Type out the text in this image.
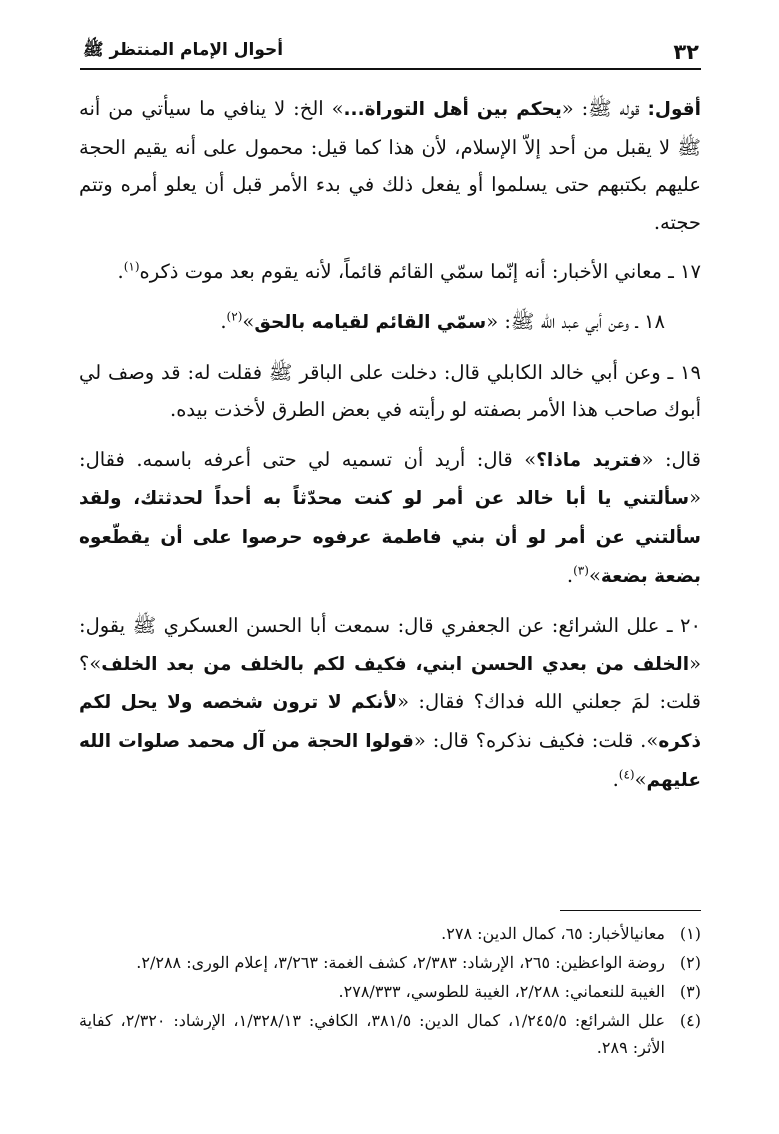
٣٢
أحوال الإمام المنتظر ﷺ

أقول: قوله ﷺ: «يحكم بين أهل التوراة...» الخ: لا ينافي ما سيأتي من أنه ﷺ لا يقبل من أحد إلاّ الإسلام، لأن هذا كما قيل: محمول على أنه يقيم الحجة عليهم بكتبهم حتى يسلموا أو يفعل ذلك في بدء الأمر قبل أن يعلو أمره وتتم حجته.

١٧ ـ معاني الأخبار: أنه إنّما سمّي القائم قائماً، لأنه يقوم بعد موت ذكره$^{(١)}$.

١٨ ـ وعن أبي عبد الله ﷺ: «سمّي القائم لقيامه بالحق»$^{(٢)}$.

١٩ ـ وعن أبي خالد الكابلي قال: دخلت على الباقر ﷺ فقلت له: قد وصف لي أبوك صاحب هذا الأمر بصفته لو رأيته في بعض الطرق لأخذت بيده.

قال: «فتريد ماذا؟» قال: أريد أن تسميه لي حتى أعرفه باسمه. فقال: «سألتني يا أبا خالد عن أمر لو كنت محدّثاً به أحداً لحدثتك، ولقد سألتني عن أمر لو أن بني فاطمة عرفوه حرصوا على أن يقطّعوه بضعة بضعة»$^{(٣)}$.

٢٠ ـ علل الشرائع: عن الجعفري قال: سمعت أبا الحسن العسكري ﷺ يقول: «الخلف من بعدي الحسن ابني، فكيف لكم بالخلف من بعد الخلف»؟ قلت: لمَ جعلني الله فداك؟ فقال: «لأنكم لا ترون شخصه ولا يحل لكم ذكره». قلت: فكيف نذكره؟ قال: «قولوا الحجة من آل محمد صلوات الله عليهم»$^{(٤)}$.

(١)
معانيالأخبار: ٦٥، كمال الدين: ٢٧٨.
(٢)
روضة الواعظين: ٢٦٥، الإرشاد: ٢/٣٨٣، كشف الغمة: ٣/٢٦٣، إعلام الورى: ٢/٢٨٨.
(٣)
الغيبة للنعماني: ٢/٢٨٨، الغيبة للطوسي، ٢٧٨/٣٣٣.
(٤)
علل الشرائع: ١/٢٤٥/٥، كمال الدين: ٣٨١/٥، الكافي: ١/٣٢٨/١٣، الإرشاد: ٢/٣٢٠، كفاية الأثر: ٢٨٩.
